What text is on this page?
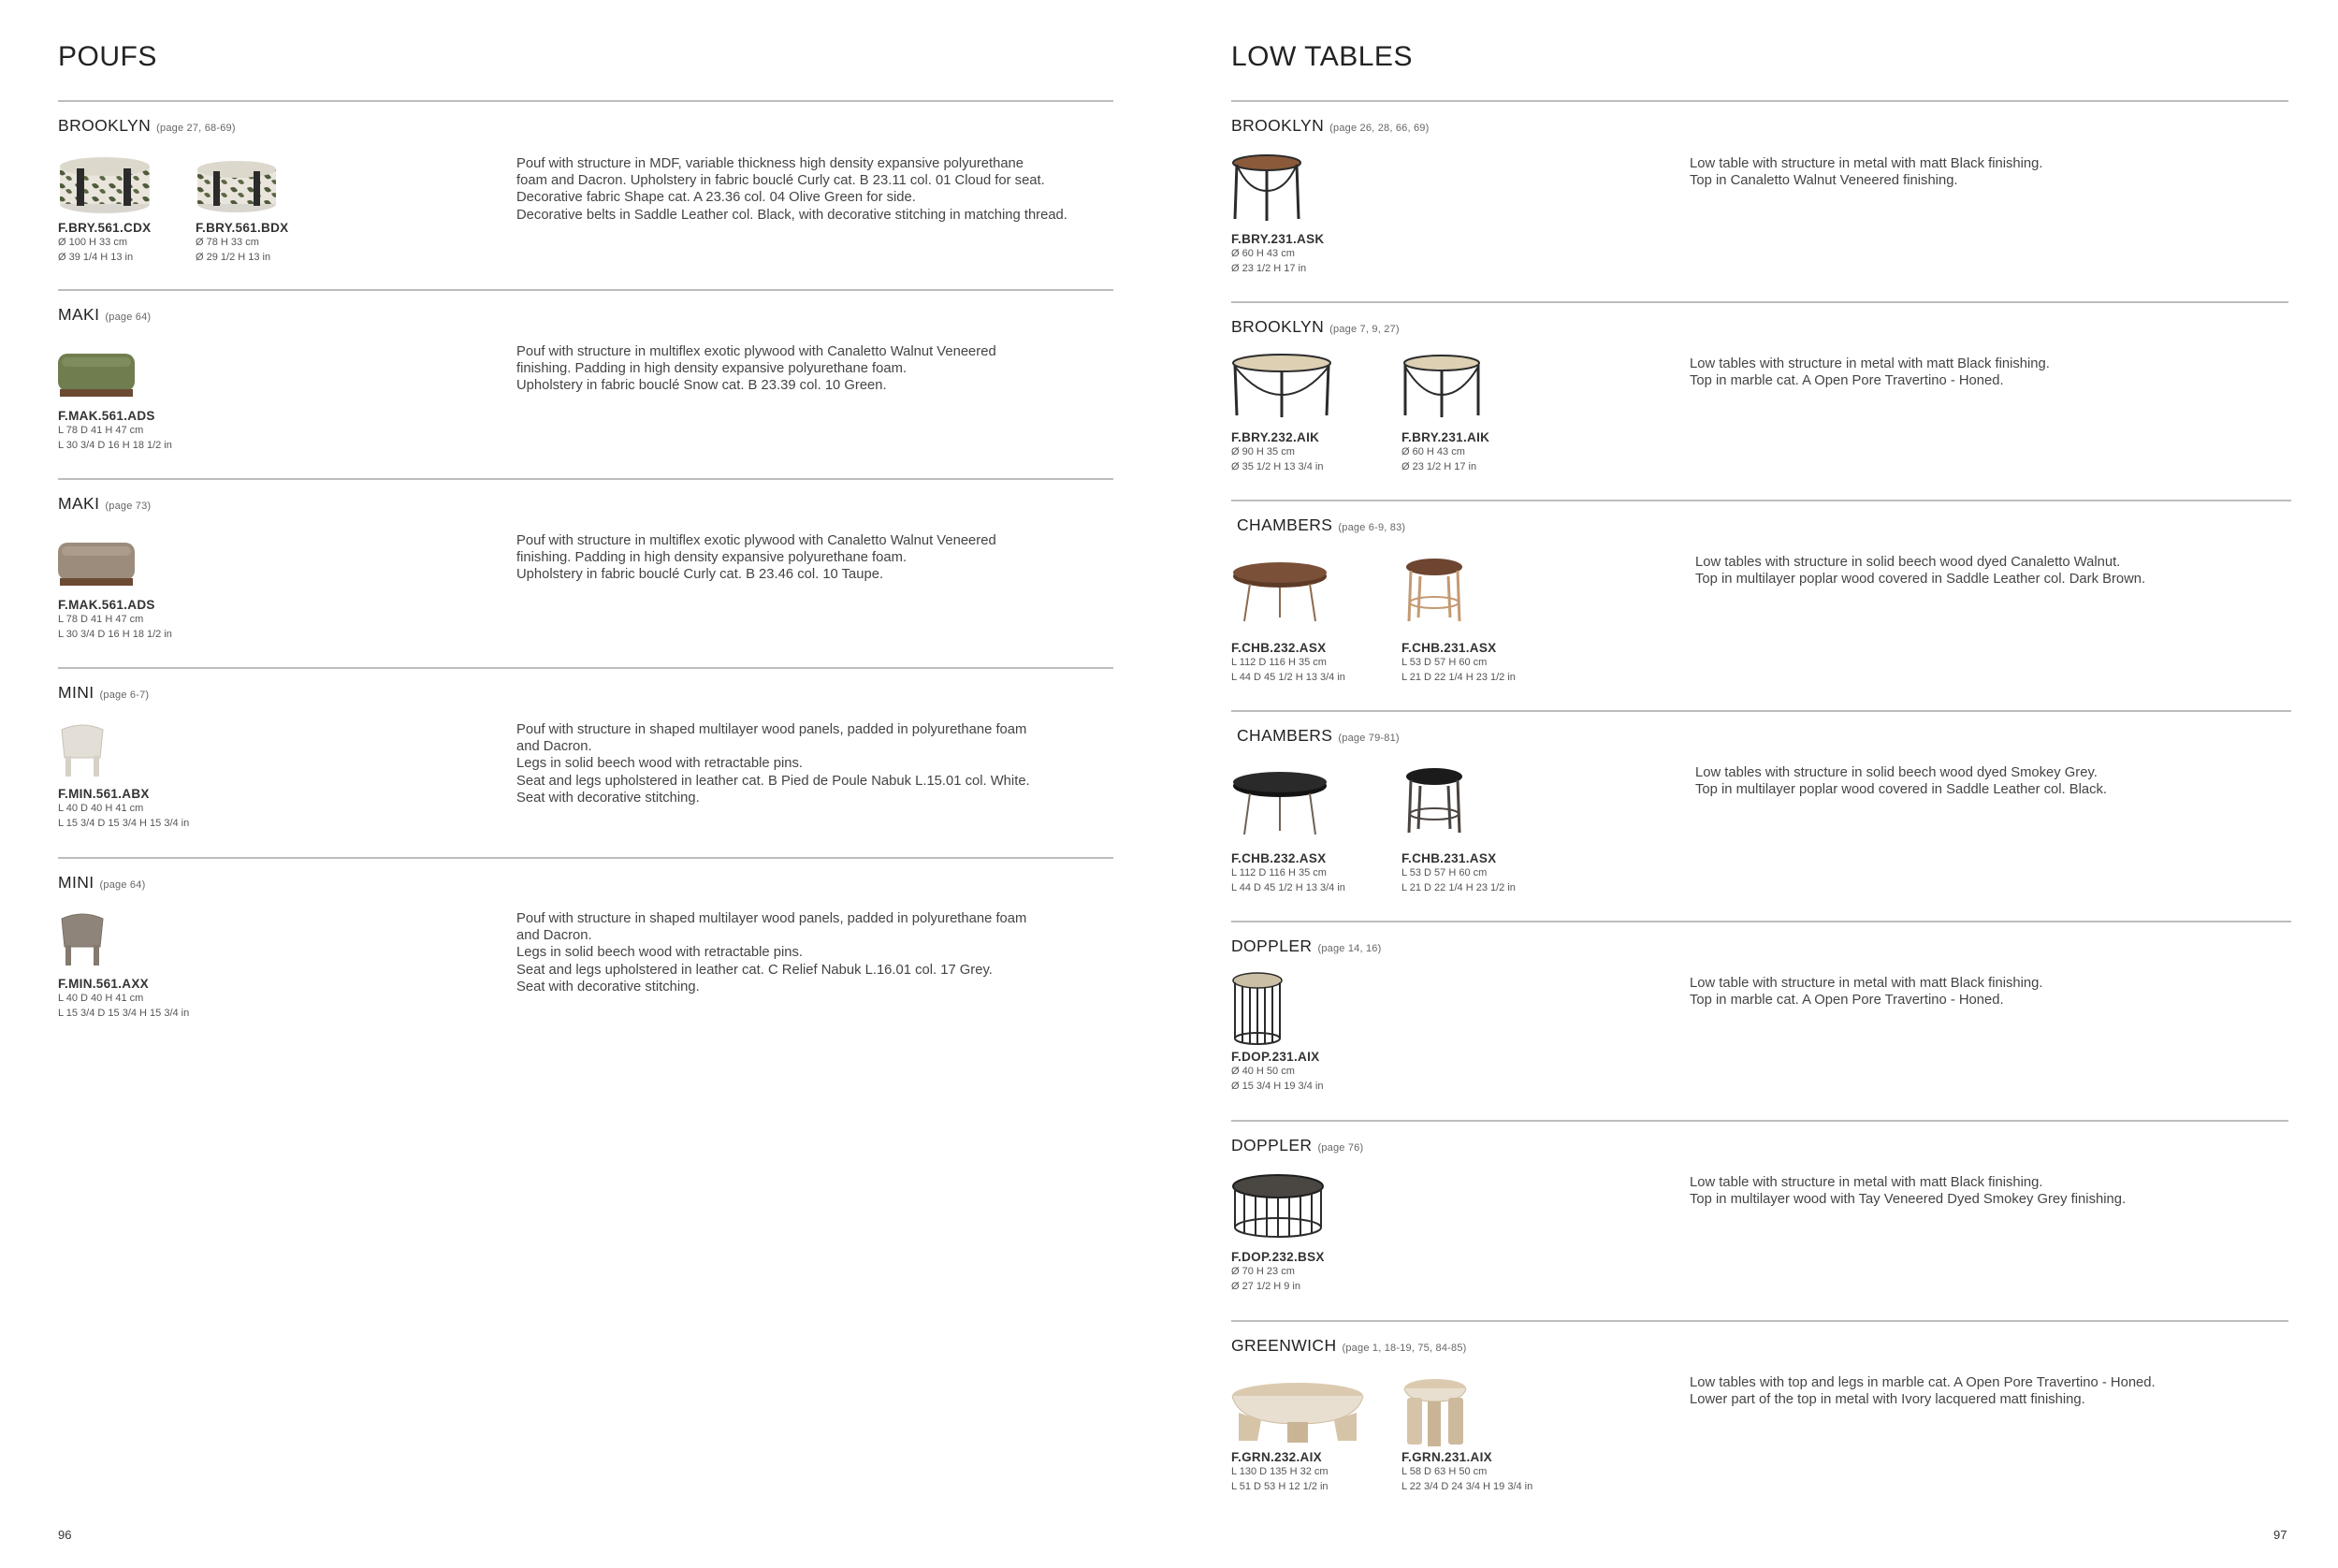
POUFS
BROOKLYN (page 27, 68-69)
F.BRY.561.CDX
Ø 100 H 33 cm
Ø 39 1/4 H 13 in
F.BRY.561.BDX
Ø 78 H 33 cm
Ø 29 1/2 H 13 in
Pouf with structure in MDF, variable thickness high density expansive polyurethane
foam and Dacron. Upholstery in fabric bouclé Curly cat. B 23.11 col. 01 Cloud for seat.
Decorative fabric Shape cat. A 23.36 col. 04 Olive Green for side.
Decorative belts in Saddle Leather col. Black, with decorative stitching in matching thread.
MAKI (page 64)
F.MAK.561.ADS
L 78 D 41 H 47 cm
L 30 3/4 D 16 H 18 1/2 in
Pouf with structure in multiflex exotic plywood with Canaletto Walnut Veneered
finishing. Padding in high density expansive polyurethane foam.
Upholstery in fabric bouclé Snow cat. B 23.39 col. 10 Green.
MAKI (page 73)
F.MAK.561.ADS
L 78 D 41 H 47 cm
L 30 3/4 D 16 H 18 1/2 in
Pouf with structure in multiflex exotic plywood with Canaletto Walnut Veneered
finishing. Padding in high density expansive polyurethane foam.
Upholstery in fabric bouclé Curly cat. B 23.46 col. 10 Taupe.
MINI (page 6-7)
F.MIN.561.ABX
L 40 D 40 H 41 cm
L 15 3/4 D 15 3/4 H 15 3/4 in
Pouf with structure in shaped multilayer wood panels, padded in polyurethane foam
and Dacron.
Legs in solid beech wood with retractable pins.
Seat and legs upholstered in leather cat. B Pied de Poule Nabuk L.15.01 col. White.
Seat with decorative stitching.
MINI (page 64)
F.MIN.561.AXX
L 40 D 40 H 41 cm
L 15 3/4 D 15 3/4 H 15 3/4 in
Pouf with structure in shaped multilayer wood panels, padded in polyurethane foam
and Dacron.
Legs in solid beech wood with retractable pins.
Seat and legs upholstered in leather cat. C Relief Nabuk L.16.01 col. 17 Grey.
Seat with decorative stitching.
96
LOW TABLES
BROOKLYN (page 26, 28, 66, 69)
F.BRY.231.ASK
Ø 60 H 43 cm
Ø 23 1/2 H 17 in
Low table with structure in metal with matt Black finishing.
Top in Canaletto Walnut Veneered finishing.
BROOKLYN (page 7, 9, 27)
F.BRY.232.AIK
Ø 90 H 35 cm
Ø 35 1/2 H 13 3/4 in
F.BRY.231.AIK
Ø 60 H 43 cm
Ø 23 1/2 H 17 in
Low tables with structure in metal with matt Black finishing.
Top in marble cat. A Open Pore Travertino - Honed.
CHAMBERS (page 6-9, 83)
F.CHB.232.ASX
L 112 D 116 H 35 cm
L 44 D 45 1/2 H 13 3/4 in
F.CHB.231.ASX
L 53 D 57 H 60 cm
L 21 D 22 1/4 H 23 1/2 in
Low tables with structure in solid beech wood dyed Canaletto Walnut.
Top in multilayer poplar wood covered in Saddle Leather col. Dark Brown.
CHAMBERS (page 79-81)
F.CHB.232.ASX
L 112 D 116 H 35 cm
L 44 D 45 1/2 H 13 3/4 in
F.CHB.231.ASX
L 53 D 57 H 60 cm
L 21 D 22 1/4 H 23 1/2 in
Low tables with structure in solid beech wood dyed Smokey Grey.
Top in multilayer poplar wood covered in Saddle Leather col. Black.
DOPPLER (page 14, 16)
F.DOP.231.AIX
Ø 40 H 50 cm
Ø 15 3/4 H 19 3/4 in
Low table with structure in metal with matt Black finishing.
Top in marble cat. A Open Pore Travertino - Honed.
DOPPLER (page 76)
F.DOP.232.BSX
Ø 70 H 23 cm
Ø 27 1/2 H 9 in
Low table with structure in metal with matt Black finishing.
Top in multilayer wood with Tay Veneered Dyed Smokey Grey finishing.
GREENWICH (page 1, 18-19, 75, 84-85)
F.GRN.232.AIX
L 130 D 135 H 32 cm
L 51 D 53 H 12 1/2 in
F.GRN.231.AIX
L 58 D 63 H 50 cm
L 22 3/4 D 24 3/4 H 19 3/4 in
Low tables with top and legs in marble cat. A Open Pore Travertino - Honed.
Lower part of the top in metal with Ivory lacquered matt finishing.
97
